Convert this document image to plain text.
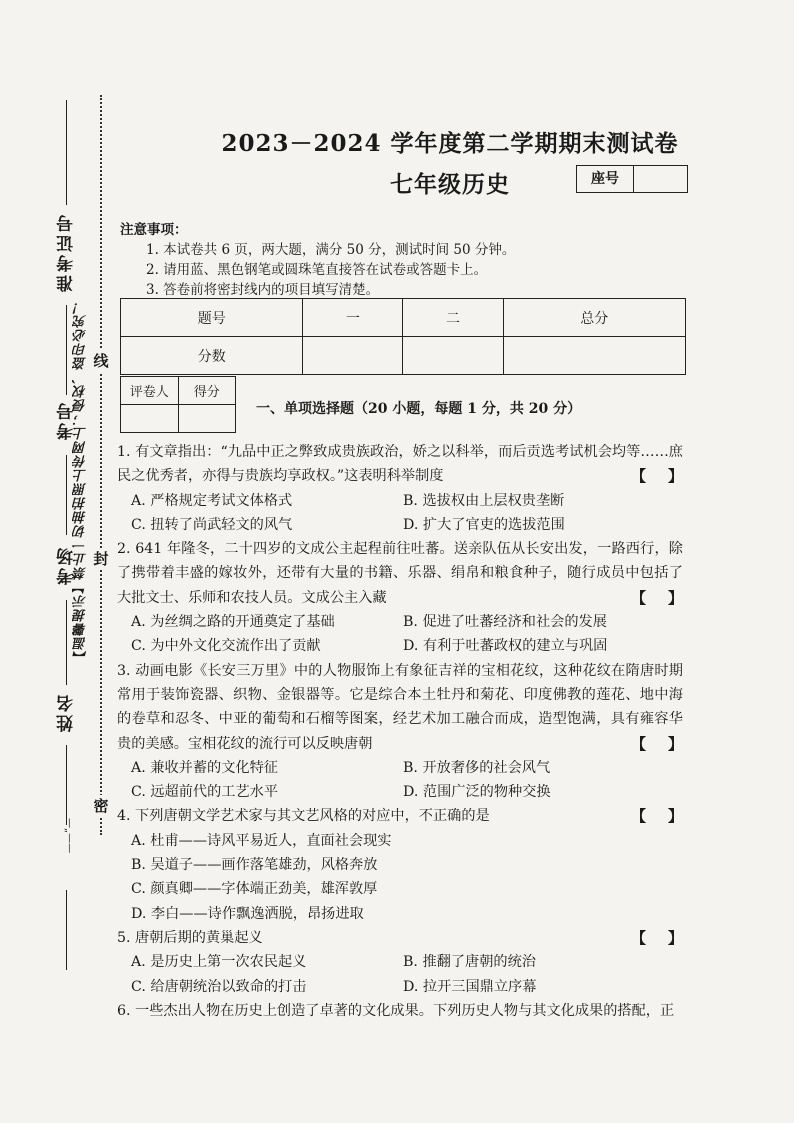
线
封
密
准考证号
考号
考场
姓名
——“—
【温馨提示】禁止一切抽拍照上传网上；侵权、盗印必究！
2023－2024 学年度第二学期期末测试卷
七年级历史	座号
注意事项：
1. 本试卷共 6 页，两大题，满分 50 分，测试时间 50 分钟。
2. 请用蓝、黑色钢笔或圆珠笔直接答在试卷或答题卡上。
3. 答卷前将密封线内的项目填写清楚。
题号	一	二	总分
分数			
评卷人	得分

一、单项选择题（20 小题，每题 1 分，共 20 分）
1. 有文章指出：“九品中正之弊致成贵族政治，娇之以科举，而后贡选考试机会均等……庶民之优秀者，亦得与贵族均享政权。”这表明科举制度	【 】
A. 严格规定考试文体格式	B. 选拔权由上层权贵垄断
C. 扭转了尚武轻文的风气	D. 扩大了官吏的选拔范围
2. 641 年隆冬，二十四岁的文成公主起程前往吐蕃。送亲队伍从长安出发，一路西行，除了携带着丰盛的嫁妆外，还带有大量的书籍、乐器、绢帛和粮食种子，随行成员中包括了大批文士、乐师和农技人员。文成公主入藏	【 】
A. 为丝绸之路的开通奠定了基础	B. 促进了吐蕃经济和社会的发展
C. 为中外文化交流作出了贡献	D. 有利于吐蕃政权的建立与巩固
3. 动画电影《长安三万里》中的人物服饰上有象征吉祥的宝相花纹，这种花纹在隋唐时期常用于装饰瓷器、织物、金银器等。它是综合本土牡丹和菊花、印度佛教的莲花、地中海的卷草和忍冬、中亚的葡萄和石榴等图案，经艺术加工融合而成，造型饱满，具有雍容华贵的美感。宝相花纹的流行可以反映唐朝	【 】
A. 兼收并蓄的文化特征	B. 开放奢侈的社会风气
C. 远超前代的工艺水平	D. 范围广泛的物种交换
4. 下列唐朝文学艺术家与其文艺风格的对应中，不正确的是	【 】
A. 杜甫——诗风平易近人，直面社会现实
B. 吴道子——画作落笔雄劲，风格奔放
C. 颜真卿——字体端正劲美，雄浑敦厚
D. 李白——诗作飘逸洒脱，昂扬进取
5. 唐朝后期的黄巢起义	【 】
A. 是历史上第一次农民起义	B. 推翻了唐朝的统治
C. 给唐朝统治以致命的打击	D. 拉开三国鼎立序幕
6. 一些杰出人物在历史上创造了卓著的文化成果。下列历史人物与其文化成果的搭配，正
